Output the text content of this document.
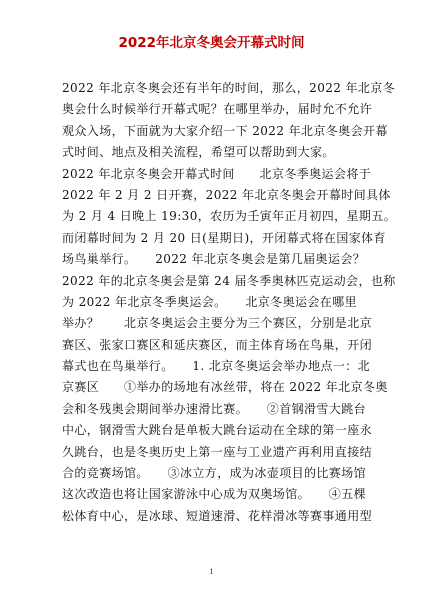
2022年北京冬奥会开幕式时间
2022 年北京冬奥会还有半年的时间，那么，2022 年北京冬
奥会什么时候举行开幕式呢？在哪里举办，届时允不允许
观众入场，下面就为大家介绍一下 2022 年北京冬奥会开幕
式时间、地点及相关流程，希望可以帮助到大家。
2022 年北京冬奥会开幕式时间　　北京冬季奥运会将于
2022 年 2 月 2 日开赛，2022 年北京冬奥会开幕时间具体
为 2 月 4 日晚上 19:30，农历为壬寅年正月初四，星期五。
而闭幕时间为 2 月 20 日(星期日)，开闭幕式将在国家体育
场鸟巢举行。　　2022 年北京冬奥会是第几届奥运会？
2022 年的北京冬奥会是第 24 届冬季奥林匹克运动会，也称
为 2022 年北京冬季奥运会。　　北京冬奥运会在哪里
举办？　　北京冬奥运会主要分为三个赛区，分别是北京
赛区、张家口赛区和延庆赛区，而主体育场在鸟巢，开闭
幕式也在鸟巢举行。　　1. 北京冬奥运会举办地点一：北
京赛区　　①举办的场地有冰丝带，将在 2022 年北京冬奥
会和冬残奥会期间举办速滑比赛。　　②首钢滑雪大跳台
中心，钢滑雪大跳台是单板大跳台运动在全球的第一座永
久跳台，也是冬奥历史上第一座与工业遗产再利用直接结
合的竞赛场馆。　　③冰立方，成为冰壶项目的比赛场馆
这次改造也将让国家游泳中心成为双奥场馆。　　④五棵
松体育中心，是冰球、短道速滑、花样滑冰等赛事通用型
1
